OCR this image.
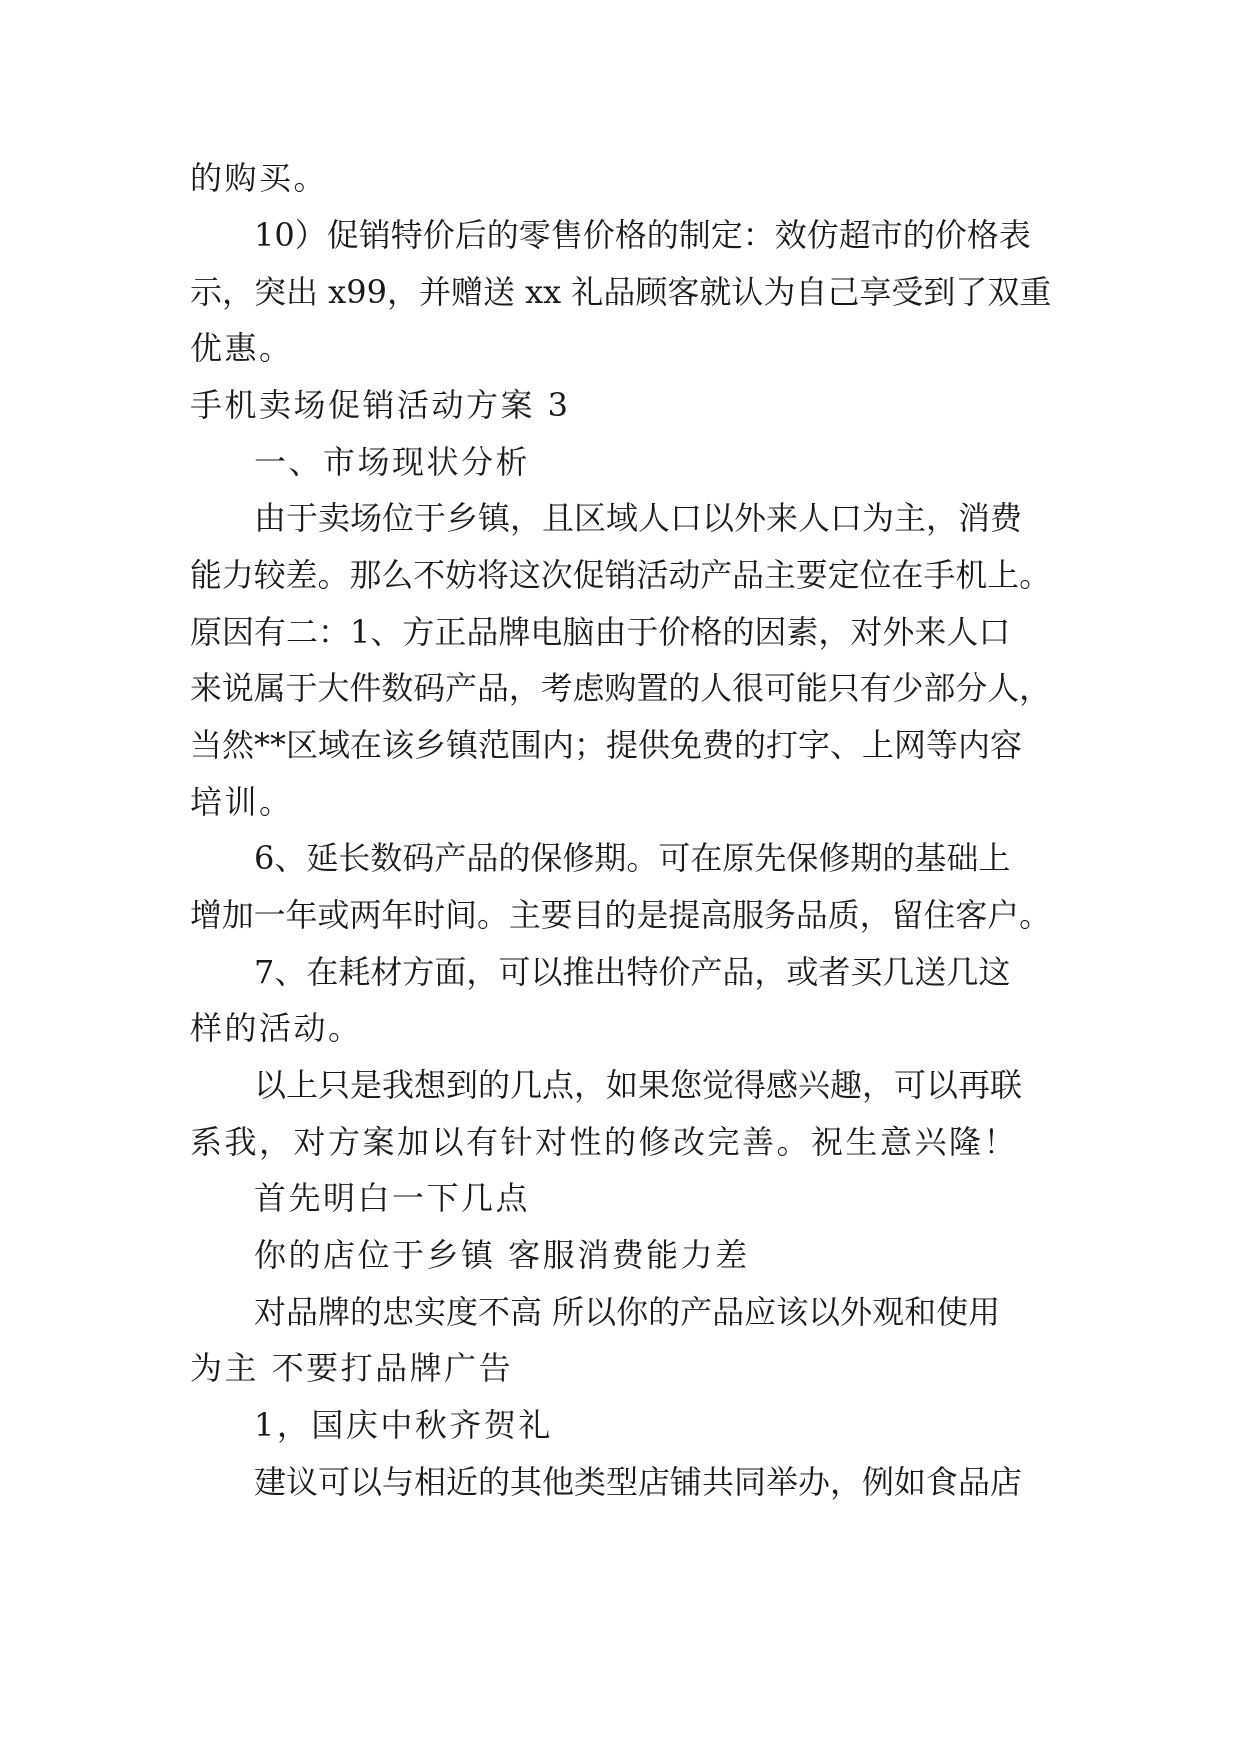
的购买。
10）促销特价后的零售价格的制定：效仿超市的价格表
示，突出 x99，并赠送 xx 礼品顾客就认为自己享受到了双重
优惠。
手机卖场促销活动方案 3
一、市场现状分析
由于卖场位于乡镇，且区域人口以外来人口为主，消费
能力较差。那么不妨将这次促销活动产品主要定位在手机上。
原因有二：1、方正品牌电脑由于价格的因素，对外来人口
来说属于大件数码产品，考虑购置的人很可能只有少部分人，
当然**区域在该乡镇范围内；提供免费的打字、上网等内容
培训。
6、延长数码产品的保修期。可在原先保修期的基础上
增加一年或两年时间。主要目的是提高服务品质，留住客户。
7、在耗材方面，可以推出特价产品，或者买几送几这
样的活动。
以上只是我想到的几点，如果您觉得感兴趣，可以再联
系我，对方案加以有针对性的修改完善。祝生意兴隆！
首先明白一下几点
你的店位于乡镇 客服消费能力差
对品牌的忠实度不高 所以你的产品应该以外观和使用
为主 不要打品牌广告
1，国庆中秋齐贺礼
建议可以与相近的其他类型店铺共同举办，例如食品店
